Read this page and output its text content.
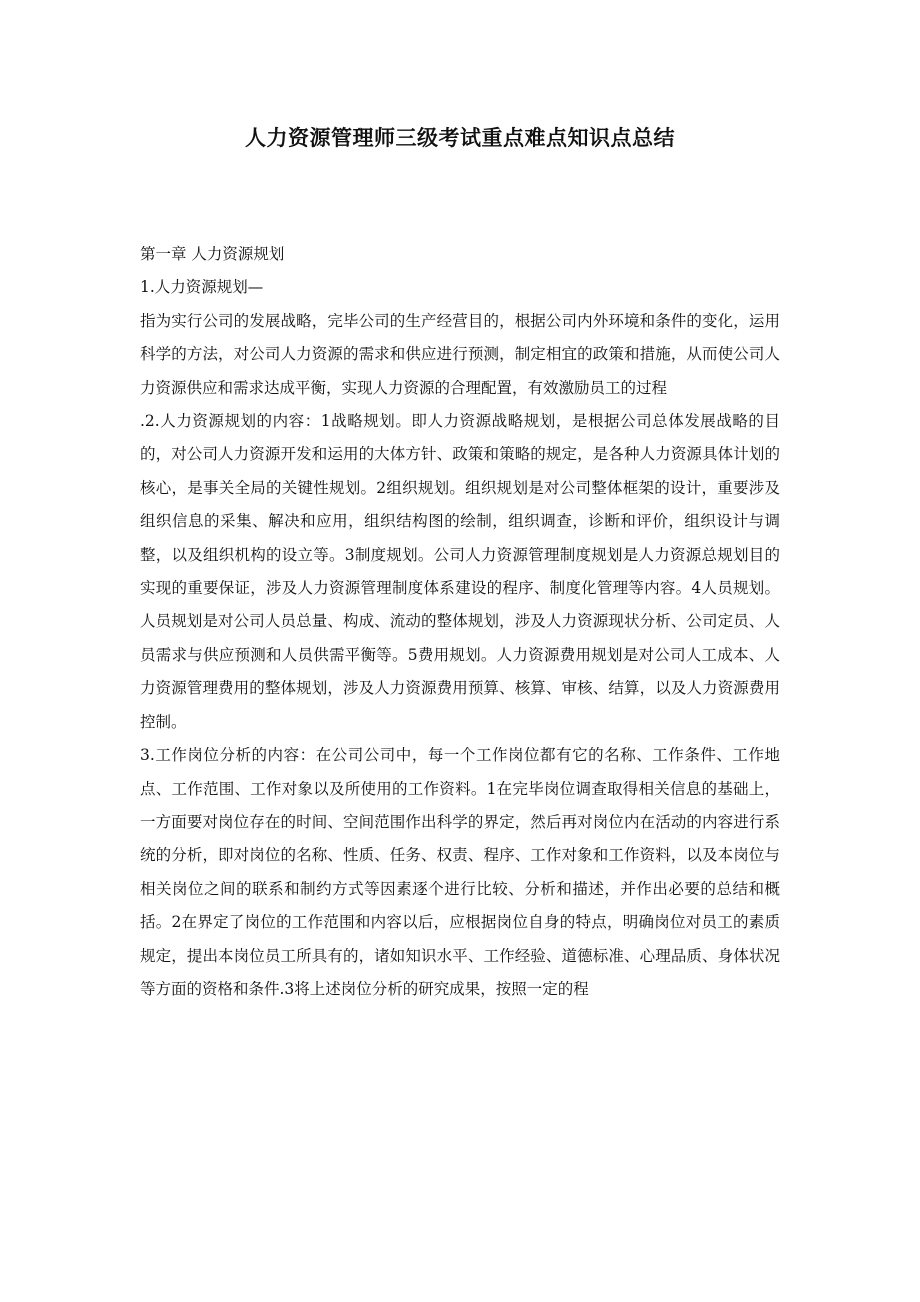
人力资源管理师三级考试重点难点知识点总结

第一章 人力资源规划

1.人力资源规划—

指为实行公司的发展战略，完毕公司的生产经营目的，根据公司内外环境和条件的变化，运用科学的方法，对公司人力资源的需求和供应进行预测，制定相宜的政策和措施，从而使公司人力资源供应和需求达成平衡，实现人力资源的合理配置，有效激励员工的过程

.2.人力资源规划的内容：1战略规划。即人力资源战略规划，是根据公司总体发展战略的目的，对公司人力资源开发和运用的大体方针、政策和策略的规定，是各种人力资源具体计划的核心，是事关全局的关键性规划。2组织规划。组织规划是对公司整体框架的设计，重要涉及组织信息的采集、解决和应用，组织结构图的绘制，组织调查，诊断和评价，组织设计与调整，以及组织机构的设立等。3制度规划。公司人力资源管理制度规划是人力资源总规划目的实现的重要保证，涉及人力资源管理制度体系建设的程序、制度化管理等内容。4人员规划。人员规划是对公司人员总量、构成、流动的整体规划，涉及人力资源现状分析、公司定员、人员需求与供应预测和人员供需平衡等。5费用规划。人力资源费用规划是对公司人工成本、人力资源管理费用的整体规划，涉及人力资源费用预算、核算、审核、结算，以及人力资源费用控制。

3.工作岗位分析的内容：在公司公司中，每一个工作岗位都有它的名称、工作条件、工作地点、工作范围、工作对象以及所使用的工作资料。1在完毕岗位调查取得相关信息的基础上，一方面要对岗位存在的时间、空间范围作出科学的界定，然后再对岗位内在活动的内容进行系统的分析，即对岗位的名称、性质、任务、权责、程序、工作对象和工作资料，以及本岗位与相关岗位之间的联系和制约方式等因素逐个进行比较、分析和描述，并作出必要的总结和概括。2在界定了岗位的工作范围和内容以后，应根据岗位自身的特点，明确岗位对员工的素质规定，提出本岗位员工所具有的，诸如知识水平、工作经验、道德标准、心理品质、身体状况等方面的资格和条件.3将上述岗位分析的研究成果，按照一定的程
